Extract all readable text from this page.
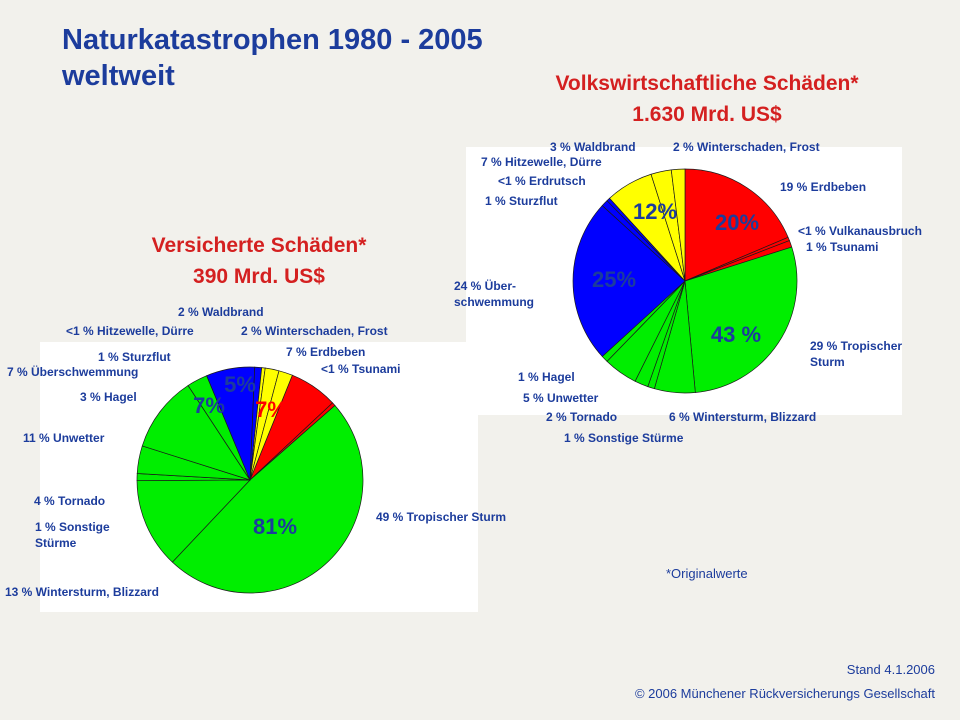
Naturkatastrophen 1980 - 2005
weltweit	Volkswirtschaftliche Schäden*
1.630 Mrd. US$
Versicherte Schäden*
390 Mrd. US$
19 % Erdbeben
<1 % Vulkanausbruch
1 % Tsunami
29 % Tropischer Sturm
6 % Wintersturm, Blizzard
1 % Sonstige Stürme
2 % Tornado
5 % Unwetter
1 % Hagel
24 % Über-schwemmung
1 % Sturzflut
<1 % Erdrutsch
7 % Hitzewelle, Dürre
3 % Waldbrand	2 % Winterschaden, Frost
20%
43 %
25%
12%
7 % Erdbeben
<1 % Tsunami
49 % Tropischer Sturm
13 % Wintersturm, Blizzard
1 % Sonstige Stürme
4 % Tornado
11 % Unwetter
3 % Hagel
7 % Überschwemmung
1 % Sturzflut
<1 % Hitzewelle, Dürre
2 % Waldbrand
2 % Winterschaden, Frost
7%
81%
7%
5%
*Originalwerte
Stand 4.1.2006
© 2006 Münchener Rückversicherungs Gesellschaft
